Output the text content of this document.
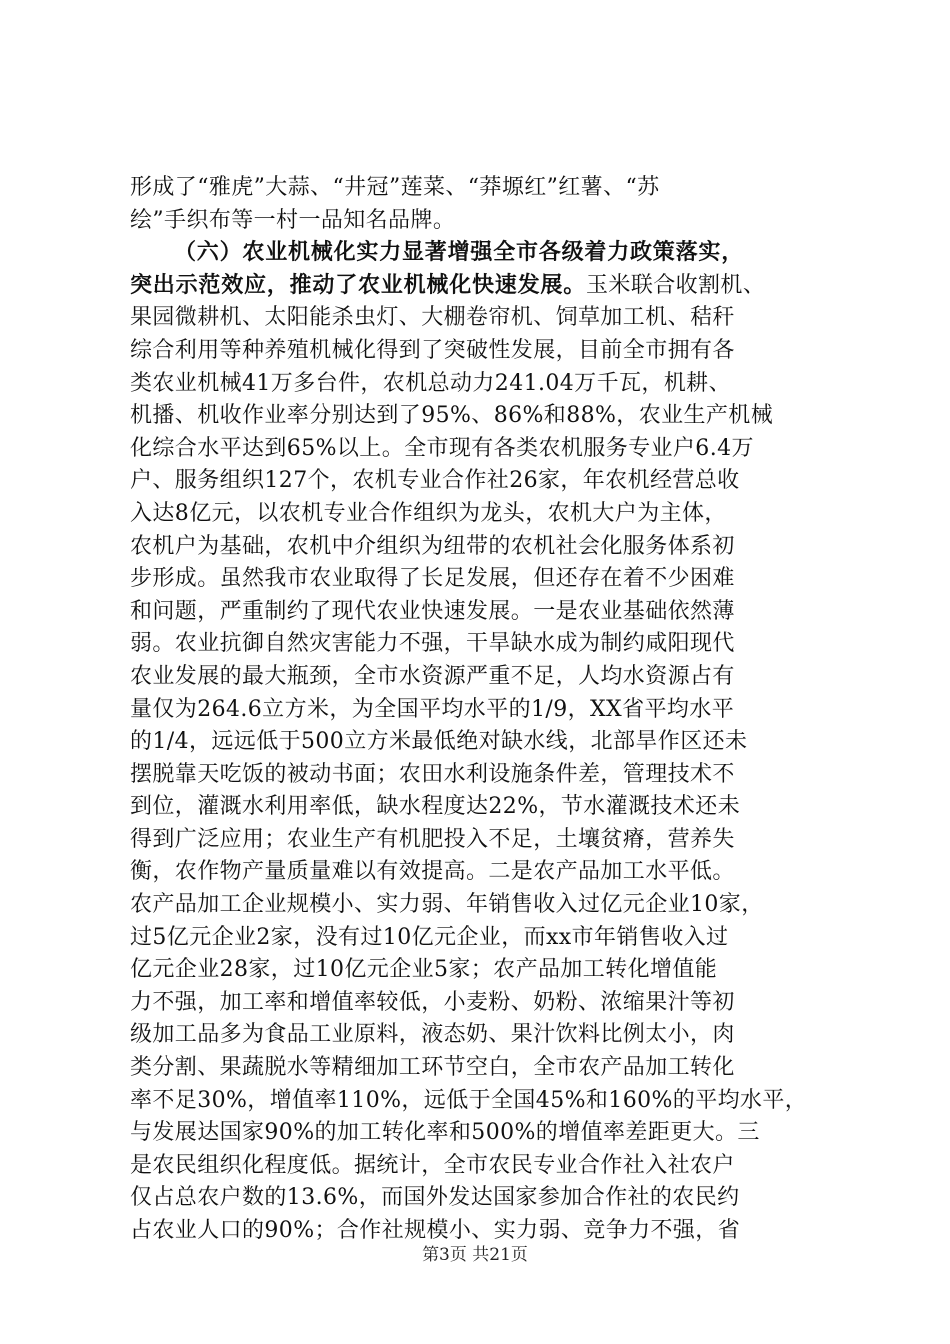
形成了“雅虎”大蒜、“井冠”莲菜、“莽塬红”红薯、“苏
绘”手织布等一村一品知名品牌。
（六）农业机械化实力显著增强全市各级着力政策落实，
突出示范效应，推动了农业机械化快速发展。玉米联合收割机、
果园微耕机、太阳能杀虫灯、大棚卷帘机、饲草加工机、秸秆
综合利用等种养殖机械化得到了突破性发展，目前全市拥有各
类农业机械41万多台件，农机总动力241.04万千瓦，机耕、
机播、机收作业率分别达到了95%、86%和88%，农业生产机械
化综合水平达到65%以上。全市现有各类农机服务专业户6.4万
户、服务组织127个，农机专业合作社26家，年农机经营总收
入达8亿元，以农机专业合作组织为龙头，农机大户为主体，
农机户为基础，农机中介组织为纽带的农机社会化服务体系初
步形成。虽然我市农业取得了长足发展，但还存在着不少困难
和问题，严重制约了现代农业快速发展。一是农业基础依然薄
弱。农业抗御自然灾害能力不强，干旱缺水成为制约咸阳现代
农业发展的最大瓶颈，全市水资源严重不足，人均水资源占有
量仅为264.6立方米，为全国平均水平的1/9，XX省平均水平
的1/4，远远低于500立方米最低绝对缺水线，北部旱作区还未
摆脱靠天吃饭的被动书面；农田水利设施条件差，管理技术不
到位，灌溉水利用率低，缺水程度达22%，节水灌溉技术还未
得到广泛应用；农业生产有机肥投入不足，土壤贫瘠，营养失
衡，农作物产量质量难以有效提高。二是农产品加工水平低。
农产品加工企业规模小、实力弱、年销售收入过亿元企业10家，
过5亿元企业2家，没有过10亿元企业，而xx市年销售收入过
亿元企业28家，过10亿元企业5家；农产品加工转化增值能
力不强，加工率和增值率较低，小麦粉、奶粉、浓缩果汁等初
级加工品多为食品工业原料，液态奶、果汁饮料比例太小，肉
类分割、果蔬脱水等精细加工环节空白，全市农产品加工转化
率不足30%，增值率110%，远低于全国45%和160%的平均水平，
与发展达国家90%的加工转化率和500%的增值率差距更大。三
是农民组织化程度低。据统计，全市农民专业合作社入社农户
仅占总农户数的13.6%，而国外发达国家参加合作社的农民约
占农业人口的90%；合作社规模小、实力弱、竞争力不强，省
第3页 共21页
